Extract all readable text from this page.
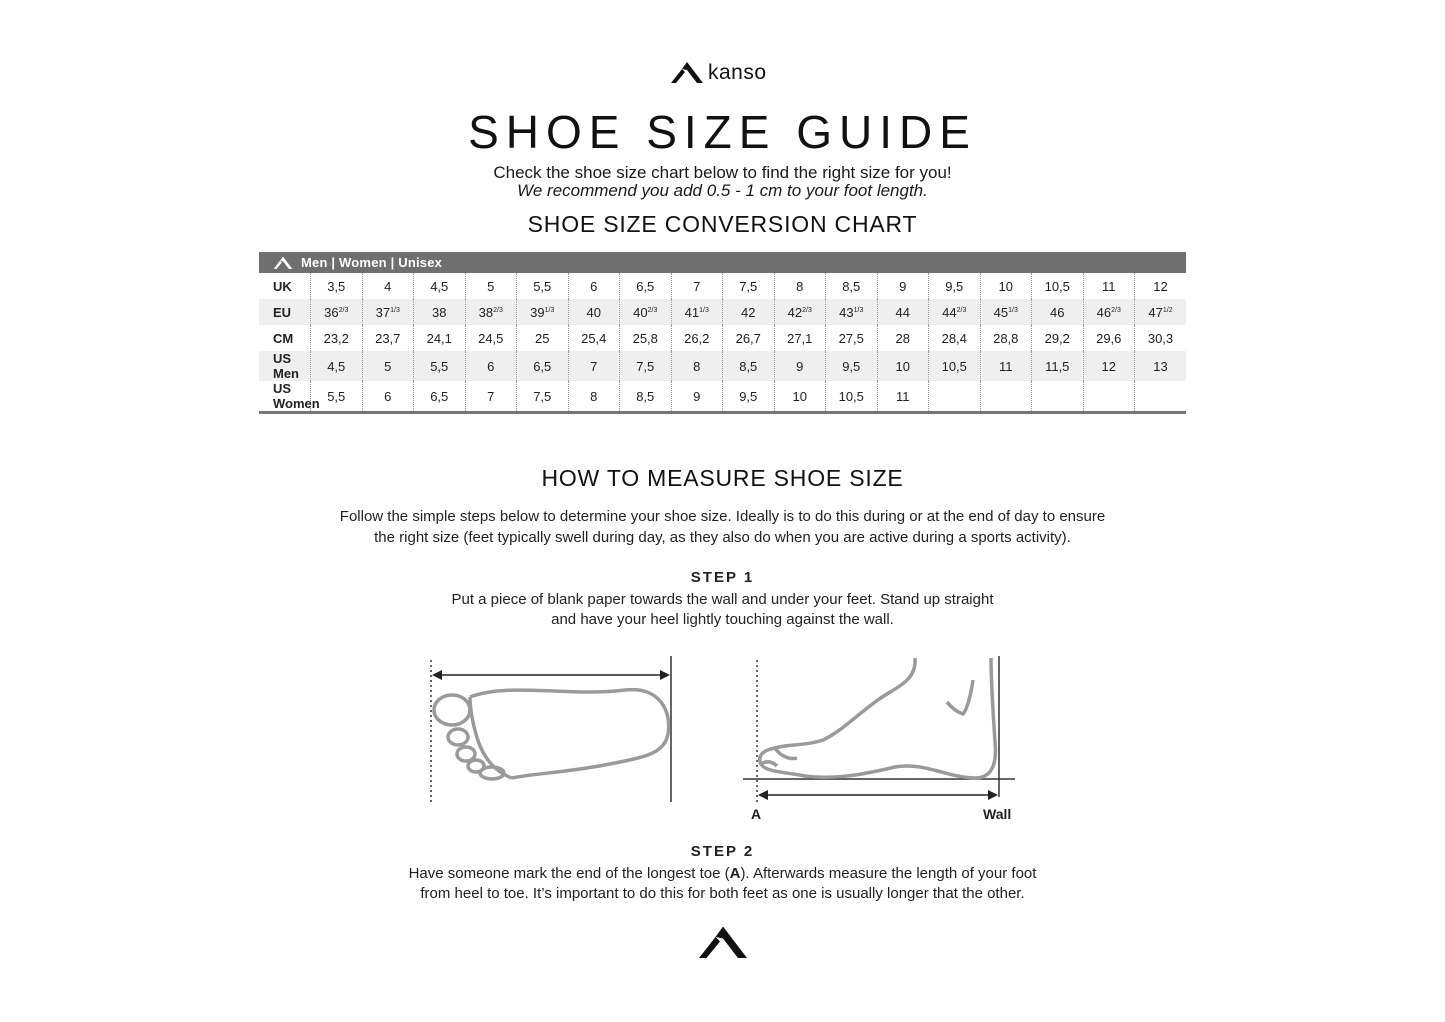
kanso
SHOE SIZE GUIDE
Check the shoe size chart below to find the right size for you!
We recommend you add 0.5 - 1 cm to your foot length.
SHOE SIZE CONVERSION CHART
Men | Women | Unisex																	

UK	3,5	4	4,5	5	5,5	6	6,5	7	7,5	8	8,5	9	9,5	10	10,5	11	12
EU	$36^{2/3}$	$37^{1/3}$	38	$38^{2/3}$	$39^{1/3}$	40	$40^{2/3}$	$41^{1/3}$	42	$42^{2/3}$	$43^{1/3}$	44	$44^{2/3}$	$45^{1/3}$	46	$46^{2/3}$	$47^{1/2}$
CM	23,2	23,7	24,1	24,5	25	25,4	25,8	26,2	26,7	27,1	27,5	28	28,4	28,8	29,2	29,6	30,3
US Men	4,5	5	5,5	6	6,5	7	7,5	8	8,5	9	9,5	10	10,5	11	11,5	12	13
US Women	5,5	6	6,5	7	7,5	8	8,5	9	9,5	10	10,5	11					
HOW TO MEASURE SHOE SIZE
Follow the simple steps below to determine your shoe size. Ideally is to do this during or at the end of day to ensure
the right size (feet typically swell during day, as they also do when you are active during a sports activity).
STEP 1
Put a piece of blank paper towards the wall and under your feet. Stand up straight
and have your heel lightly touching against the wall.
A	Wall
STEP 2
Have someone mark the end of the longest toe (A). Afterwards measure the length of your foot
from heel to toe. It’s important to do this for both feet as one is usually longer that the other.
